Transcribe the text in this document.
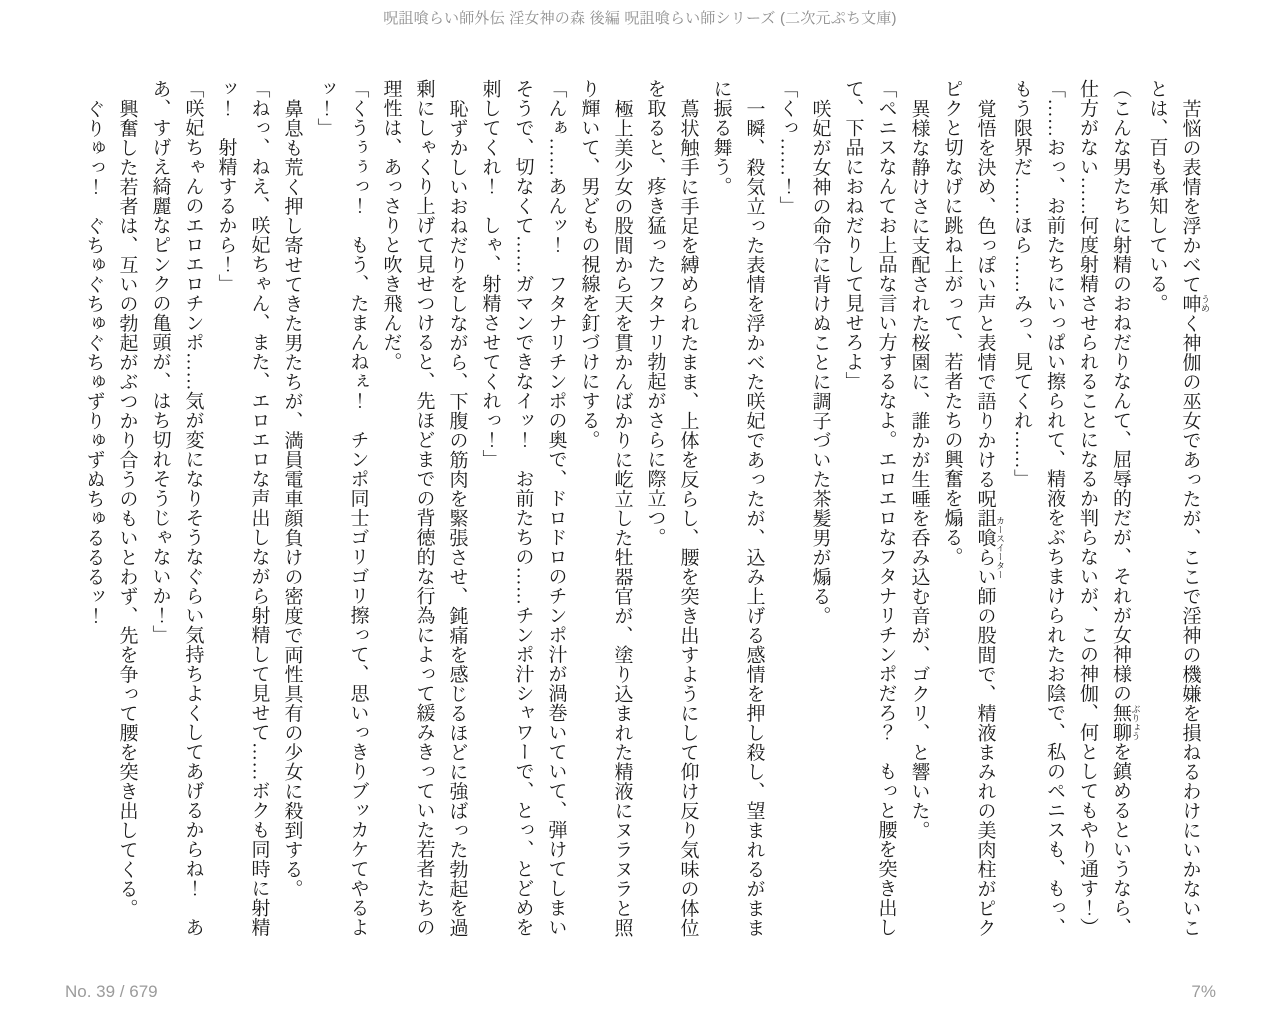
呪詛喰らい師外伝 淫女神の森 後編 呪詛喰らい師シリーズ (二次元ぷち文庫)

苦悩の表情を浮かべて呻 うめく神伽の巫女であったが、ここで淫神の機嫌を損ねるわけにいかないこ

とは、百も承知している。

（こんな男たちに射精のおねだりなんて、屈辱的だが、それが女神様の無聊 ぶりょうを鎮めるというなら、

仕方がない……何度射精させられることになるか判らないが、この神伽、何としてもやり通す！）

「……おっ、お前たちにいっぱい擦られて、精液をぶちまけられたお陰で、私のペニスも、もっ、

もう限界だ……ほら……みっ、見てくれ……」

覚悟を決め、色っぽい声と表情で語りかける呪詛喰らい師 カースイーターの股間で、精液まみれの美肉柱がピク

ピクと切なげに跳ね上がって、若者たちの興奮を煽る。

異様な静けさに支配された桜園に、誰かが生唾を呑み込む音が、ゴクリ、と響いた。

「ペニスなんてお上品な言い方するなよ。エロエロなフタナリチンポだろ？　もっと腰を突き出し

て、下品におねだりして見せろよ」

咲妃が女神の命令に背けぬことに調子づいた茶髪男が煽る。

「くっ……！」

一瞬、殺気立った表情を浮かべた咲妃であったが、込み上げる感情を押し殺し、望まれるがまま

に振る舞う。

蔦状触手に手足を縛められたまま、上体を反らし、腰を突き出すようにして仰け反り気味の体位

を取ると、疼き猛ったフタナリ勃起がさらに際立つ。

極上美少女の股間から天を貫かんばかりに屹立した牡器官が、塗り込まれた精液にヌラヌラと照

り輝いて、男どもの視線を釘づけにする。

「んぁ……あんッ！　フタナリチンポの奥で、ドロドロのチンポ汁が渦巻いていて、弾けてしまい

そうで、切なくて……ガマンできなイッ！　お前たちの……チンポ汁シャワーで、とっ、とどめを

刺してくれ！　しゃ、射精させてくれっ！」

恥ずかしいおねだりをしながら、下腹の筋肉を緊張させ、鈍痛を感じるほどに強ばった勃起を過

剰にしゃくり上げて見せつけると、先ほどまでの背徳的な行為によって緩みきっていた若者たちの

理性は、あっさりと吹き飛んだ。

「くうぅぅっ！　もう、たまんねぇ！　チンポ同士ゴリゴリ擦って、思いっきりブッカケてやるよ

ッ！」

鼻息も荒く押し寄せてきた男たちが、満員電車顔負けの密度で両性具有の少女に殺到する。

「ねっ、ねえ、咲妃ちゃん、また、エロエロな声出しながら射精して見せて……ボクも同時に射精

ッ！　射精するから！」

「咲妃ちゃんのエロエロチンポ……気が変になりそうなぐらい気持ちよくしてあげるからね！　あ

あ、すげえ綺麗なピンクの亀頭が、はち切れそうじゃないか！」

興奮した若者は、互いの勃起がぶつかり合うのもいとわず、先を争って腰を突き出してくる。

ぐりゅっ！　ぐちゅぐちゅぐちゅずりゅずぬちゅるるるッ！

No. 39 / 679	7%
